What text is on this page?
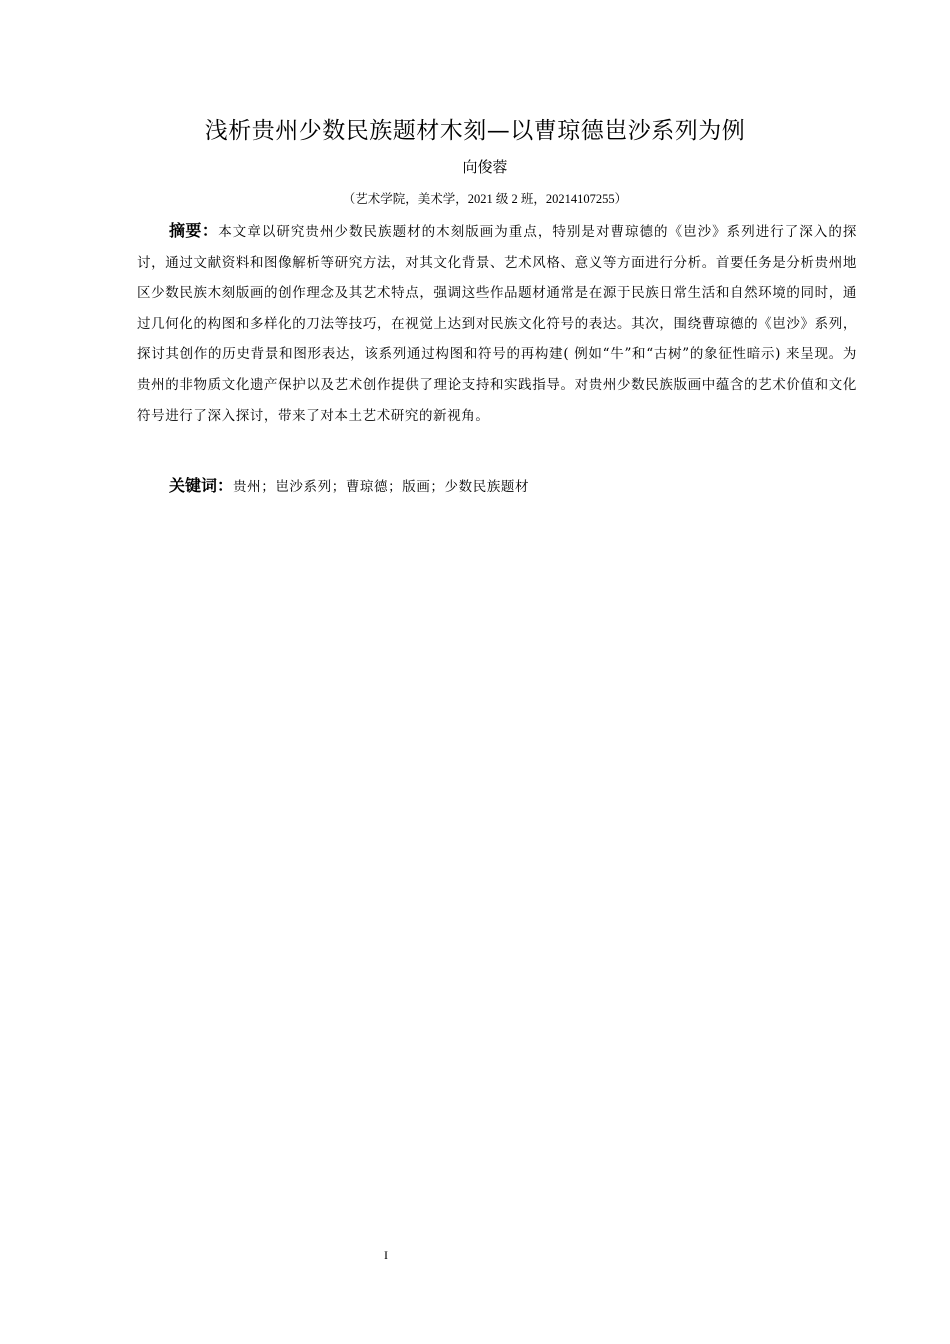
浅析贵州少数民族题材木刻—以曹琼德岜沙系列为例
向俊蓉
（艺术学院，美术学，2021 级 2 班，20214107255）

摘要：本文章以研究贵州少数民族题材的木刻版画为重点，特别是对曹琼德的《岜沙》系列进行了深入的探讨，通过文献资料和图像解析等研究方法，对其文化背景、艺术风格、意义等方面进行分析。首要任务是分析贵州地区少数民族木刻版画的创作理念及其艺术特点，强调这些作品题材通常是在源于民族日常生活和自然环境的同时，通过几何化的构图和多样化的刀法等技巧，在视觉上达到对民族文化符号的表达。其次，围绕曹琼德的《岜沙》系列，探讨其创作的历史背景和图形表达，该系列通过构图和符号的再构建( 例如“牛”和“古树”的象征性暗示) 来呈现。为贵州的非物质文化遗产保护以及艺术创作提供了理论支持和实践指导。对贵州少数民族版画中蕴含的艺术价值和文化符号进行了深入探讨，带来了对本土艺术研究的新视角。

关键词：贵州；岜沙系列；曹琼德；版画；少数民族题材

I
